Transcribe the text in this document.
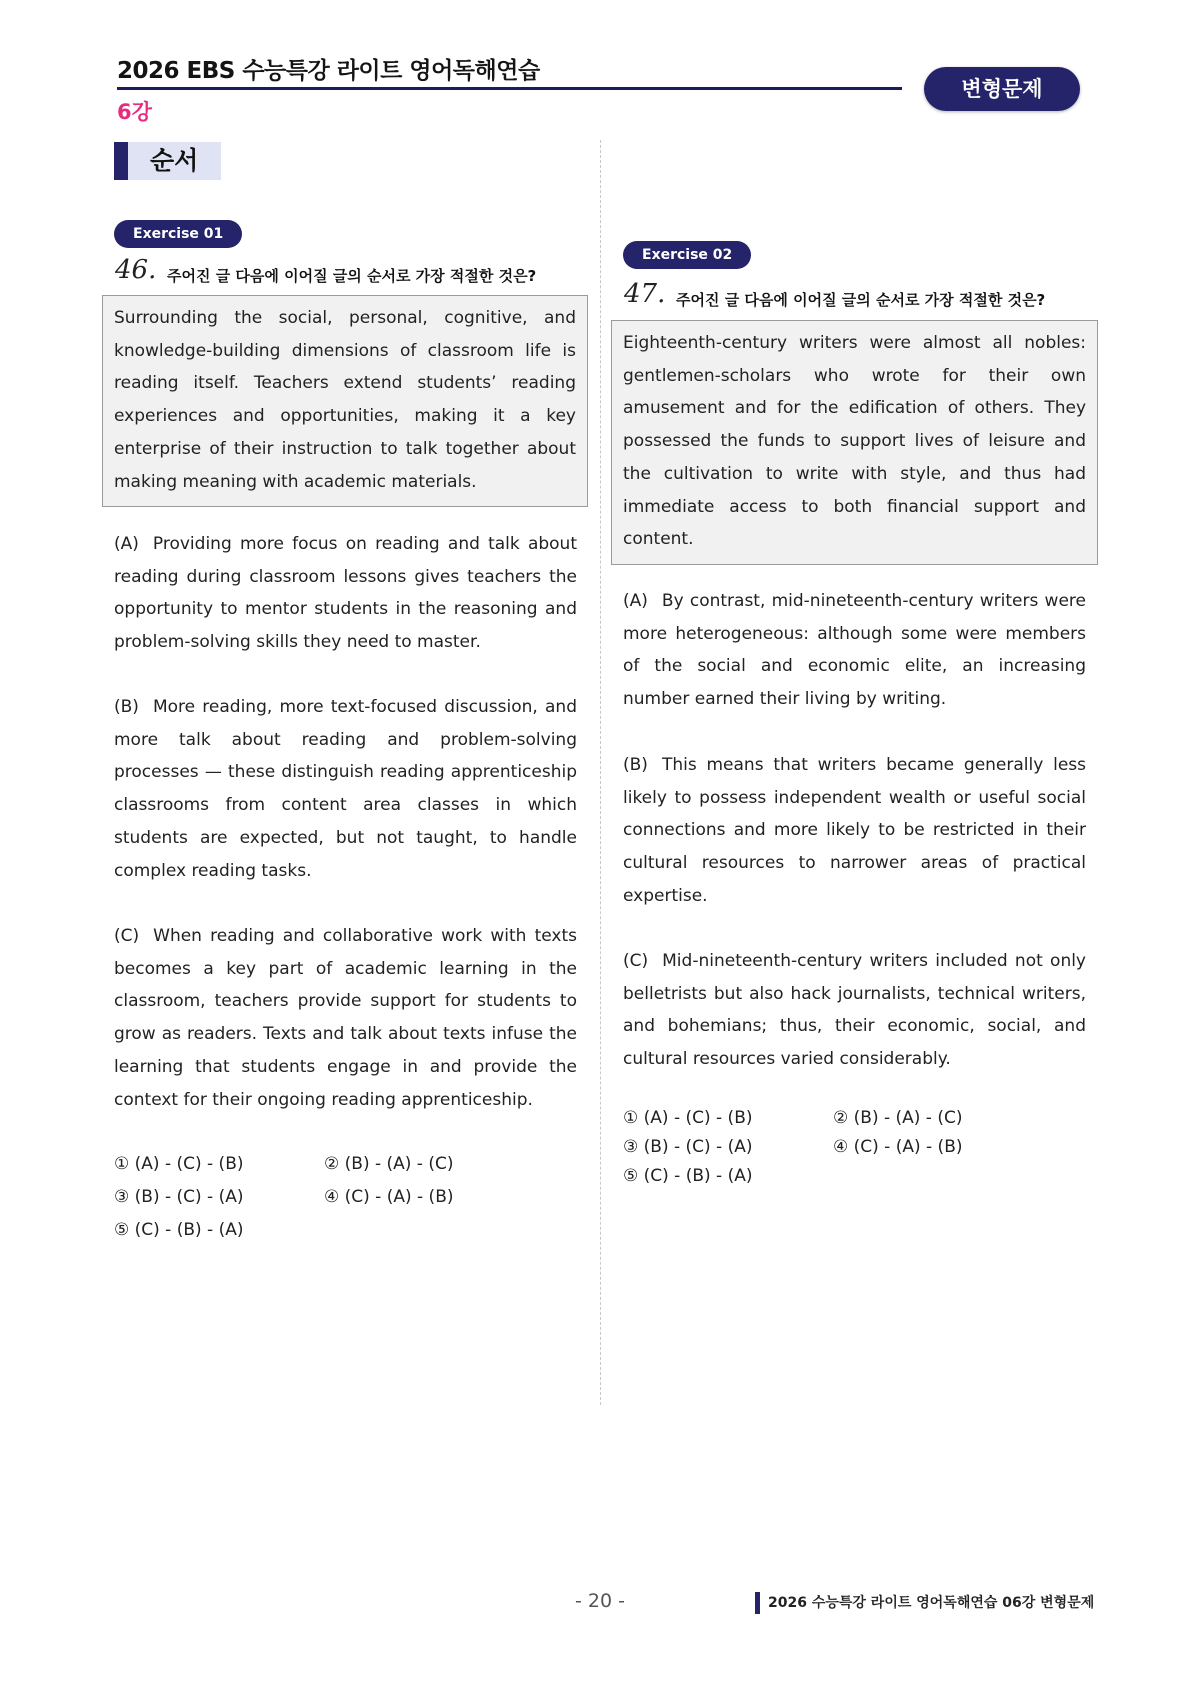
2026 EBS 수능특강 라이트 영어독해연습
6강
변형문제
순서
Exercise 01
46. 주어진 글 다음에 이어질 글의 순서로 가장 적절한 것은?
Surrounding the social, personal, cognitive, and knowledge-building dimensions of classroom life is reading itself. Teachers extend students’ reading experiences and opportunities, making it a key enterprise of their instruction to talk together about making meaning with academic materials.
(A) Providing more focus on reading and talk about reading during classroom lessons gives teachers the opportunity to mentor students in the reasoning and problem-solving skills they need to master.
(B) More reading, more text-focused discussion, and more talk about reading and problem-solving processes — these distinguish reading apprenticeship classrooms from content area classes in which students are expected, but not taught, to handle complex reading tasks.
(C) When reading and collaborative work with texts becomes a key part of academic learning in the classroom, teachers provide support for students to grow as readers. Texts and talk about texts infuse the learning that students engage in and provide the context for their ongoing reading apprenticeship.
① (A) - (C) - (B)	② (B) - (A) - (C)
③ (B) - (C) - (A)	④ (C) - (A) - (B)
⑤ (C) - (B) - (A)
Exercise 02
47. 주어진 글 다음에 이어질 글의 순서로 가장 적절한 것은?
Eighteenth-century writers were almost all nobles: gentlemen-scholars who wrote for their own amusement and for the edification of others. They possessed the funds to support lives of leisure and the cultivation to write with style, and thus had immediate access to both financial support and content.
(A) By contrast, mid-nineteenth-century writers were more heterogeneous: although some were members of the social and economic elite, an increasing number earned their living by writing.
(B) This means that writers became generally less likely to possess independent wealth or useful social connections and more likely to be restricted in their cultural resources to narrower areas of practical expertise.
(C) Mid-nineteenth-century writers included not only belletrists but also hack journalists, technical writers, and bohemians; thus, their economic, social, and cultural resources varied considerably.
① (A) - (C) - (B)	② (B) - (A) - (C)
③ (B) - (C) - (A)	④ (C) - (A) - (B)
⑤ (C) - (B) - (A)
- 20 -	2026 수능특강 라이트 영어독해연습 06강 변형문제
